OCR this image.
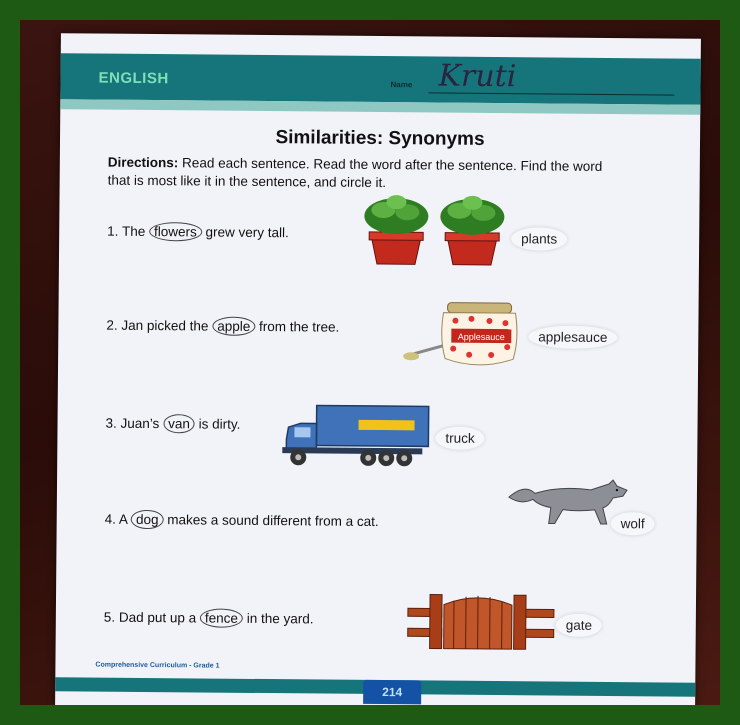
ENGLISH	Name Kruti
Similarities: Synonyms
Directions: Read each sentence. Read the word after the sentence. Find the word that is most like it in the sentence, and circle it.
1. The flowers grew very tall.	plants
2. Jan picked the apple from the tree.
Applesauce	applesauce
3. Juan’s van is dirty.
truck
4. A dog makes a sound different from a cat.	wolf
5. Dad put up a fence in the yard.	gate
Comprehensive Curriculum - Grade 1
214
